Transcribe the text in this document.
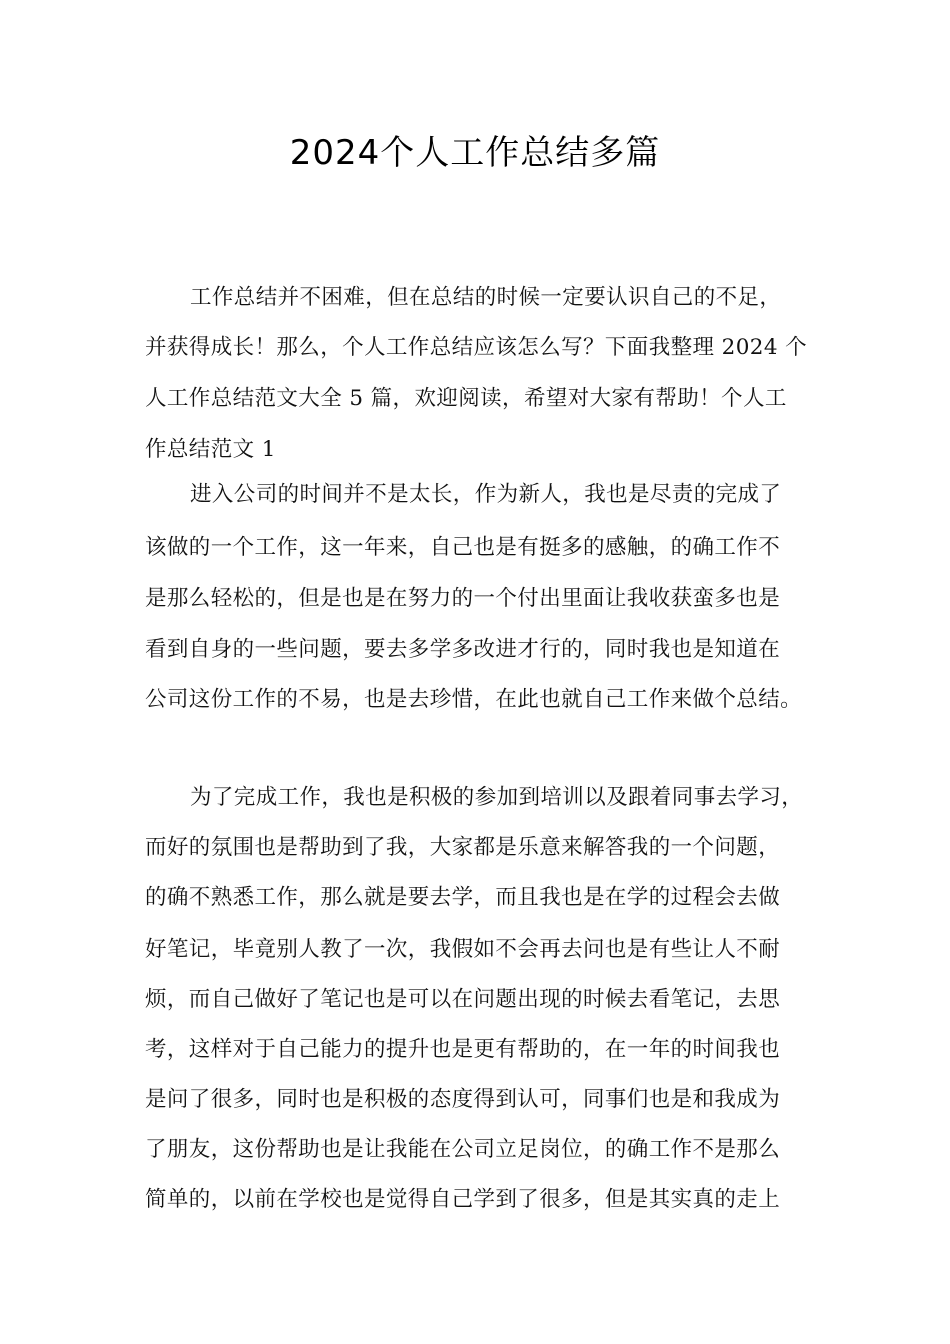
2024个人工作总结多篇
工作总结并不困难，但在总结的时候一定要认识自己的不足，
并获得成长！那么，个人工作总结应该怎么写？下面我整理 2024 个
人工作总结范文大全 5 篇，欢迎阅读，希望对大家有帮助！个人工
作总结范文 1
进入公司的时间并不是太长，作为新人，我也是尽责的完成了
该做的一个工作，这一年来，自己也是有挺多的感触，的确工作不
是那么轻松的，但是也是在努力的一个付出里面让我收获蛮多也是
看到自身的一些问题，要去多学多改进才行的，同时我也是知道在
公司这份工作的不易，也是去珍惜，在此也就自己工作来做个总结。
为了完成工作，我也是积极的参加到培训以及跟着同事去学习，
而好的氛围也是帮助到了我，大家都是乐意来解答我的一个问题，
的确不熟悉工作，那么就是要去学，而且我也是在学的过程会去做
好笔记，毕竟别人教了一次，我假如不会再去问也是有些让人不耐
烦，而自己做好了笔记也是可以在问题出现的时候去看笔记，去思
考，这样对于自己能力的提升也是更有帮助的，在一年的时间我也
是问了很多，同时也是积极的态度得到认可，同事们也是和我成为
了朋友，这份帮助也是让我能在公司立足岗位，的确工作不是那么
简单的，以前在学校也是觉得自己学到了很多，但是其实真的走上
